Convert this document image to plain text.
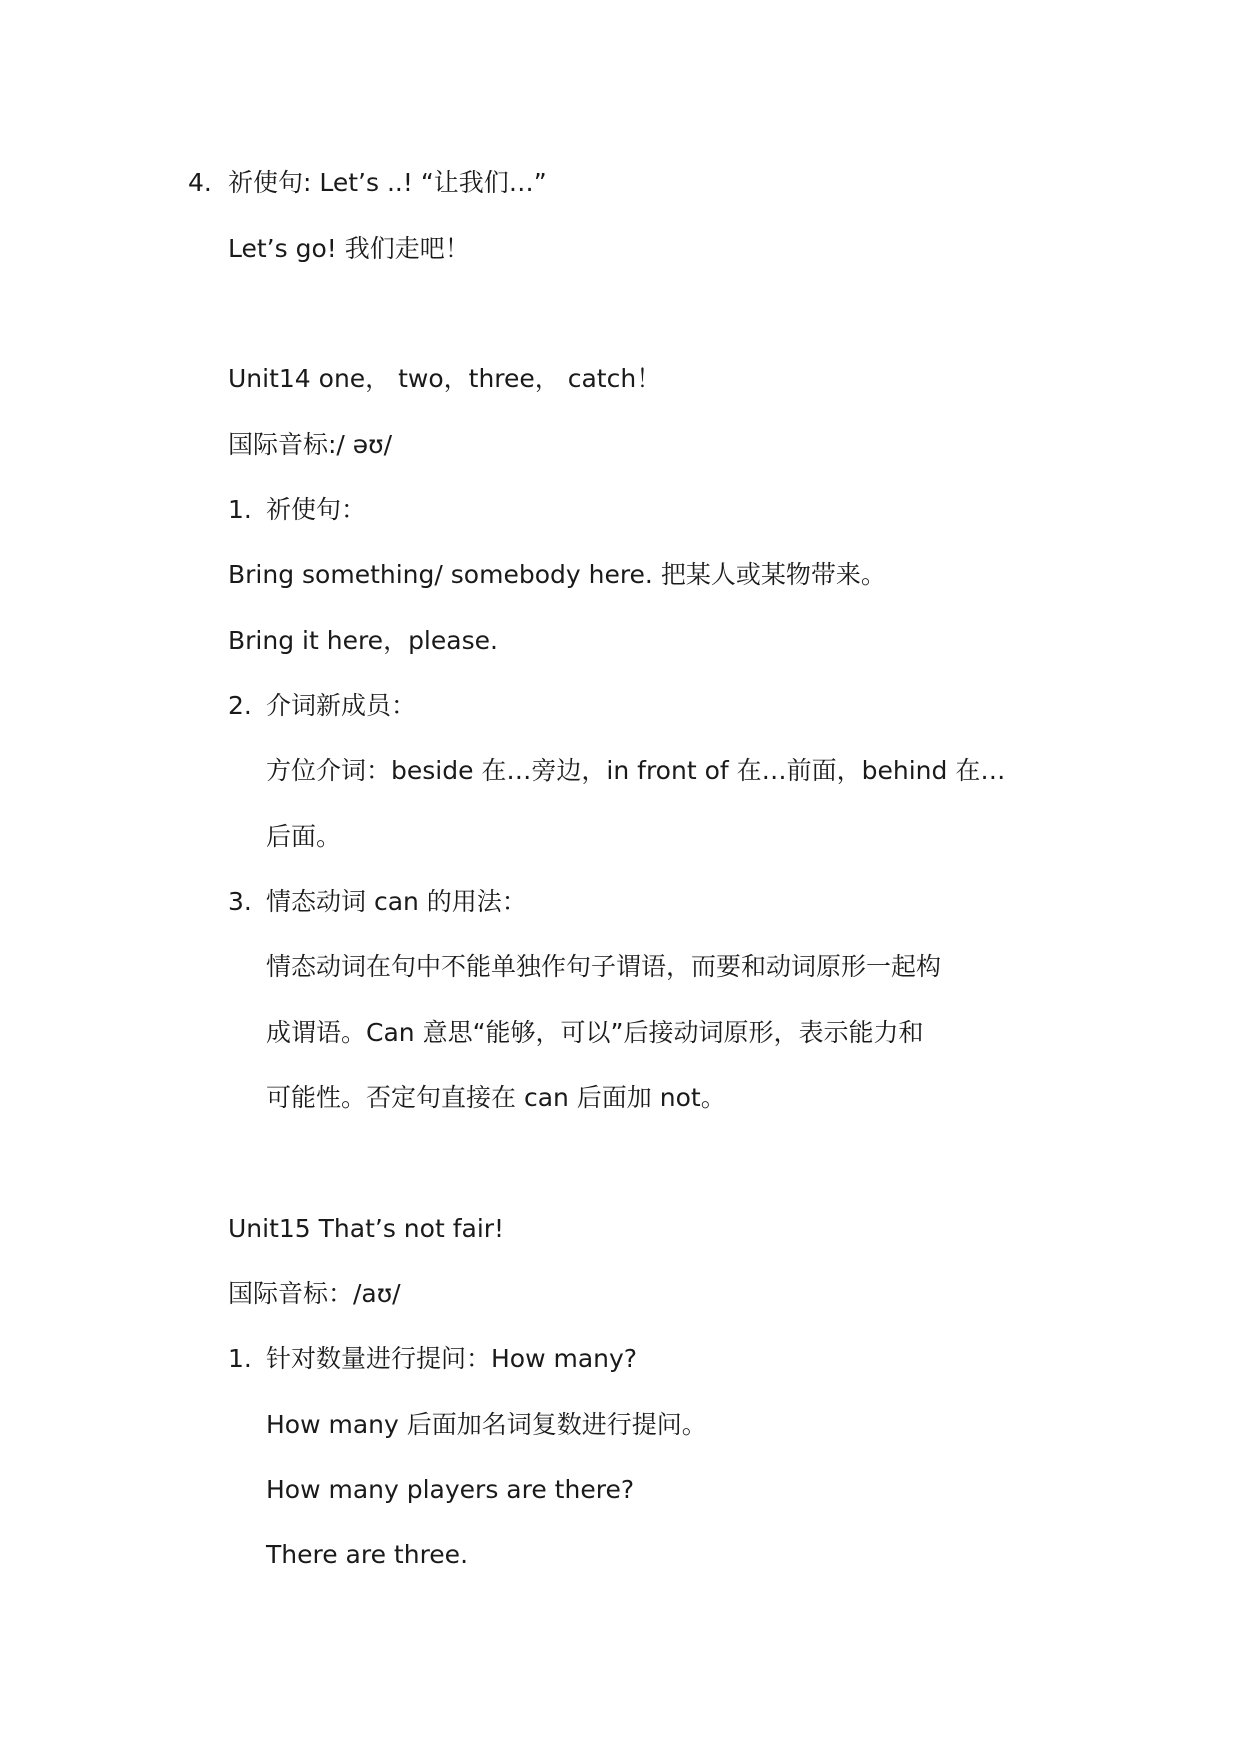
4. 祈使句: Let’s ..! “让我们…”
Let’s go! 我们走吧！
Unit14 one， two，three， catch！
国际音标:/ əʊ/
1. 祈使句：
Bring something/ somebody here. 把某人或某物带来。
Bring it here，please.
2. 介词新成员：
方位介词：beside 在…旁边，in front of 在…前面，behind 在…
后面。
3. 情态动词 can 的用法：
情态动词在句中不能单独作句子谓语，而要和动词原形一起构
成谓语。Can 意思“能够，可以”后接动词原形，表示能力和
可能性。否定句直接在 can 后面加 not。
Unit15 That’s not fair!
国际音标：/aʊ/
1. 针对数量进行提问：How many?
How many 后面加名词复数进行提问。
How many players are there?
There are three.
